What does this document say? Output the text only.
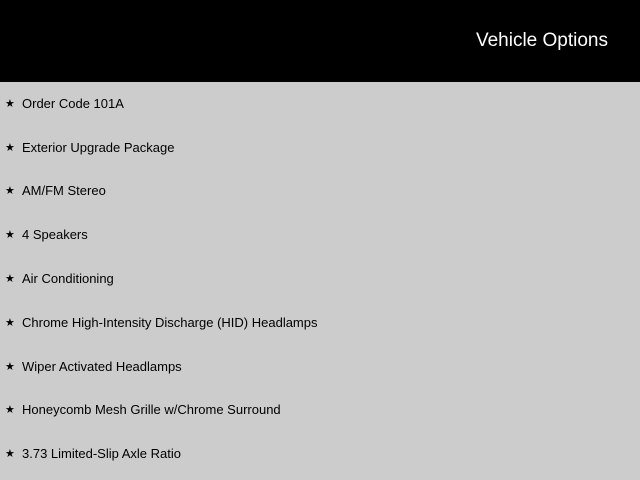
Vehicle Options
★ Order Code 101A
★ Exterior Upgrade Package
★ AM/FM Stereo
★ 4 Speakers
★ Air Conditioning
★ Chrome High-Intensity Discharge (HID) Headlamps
★ Wiper Activated Headlamps
★ Honeycomb Mesh Grille w/Chrome Surround
★ 3.73 Limited-Slip Axle Ratio
